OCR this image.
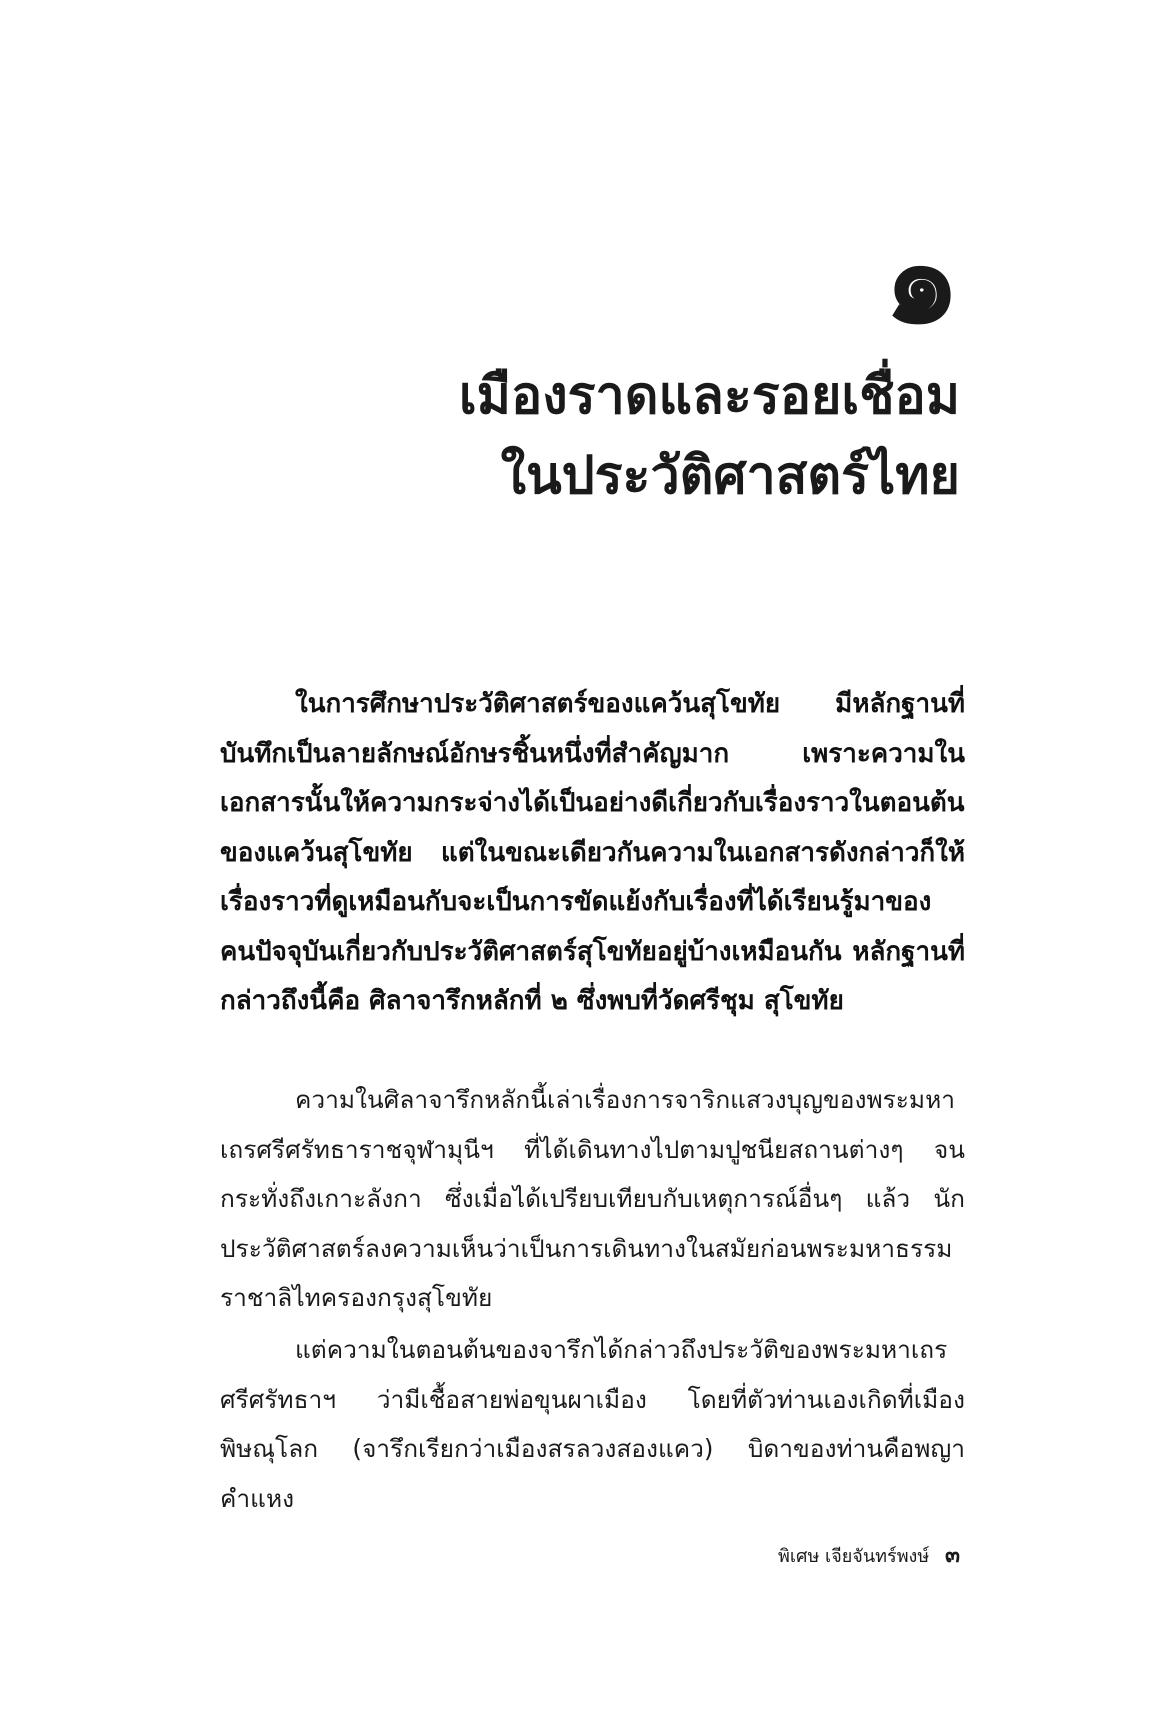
๑
เมืองราดและรอยเชื่อม
ในประวัติศาสตร์ไทย

ในการศึกษาประวัติศาสตร์ของแคว้นสุโขทัย มีหลักฐานที่บันทึกเป็นลายลักษณ์อักษรชิ้นหนึ่งที่สำคัญมาก เพราะความในเอกสารนั้นให้ความกระจ่างได้เป็นอย่างดีเกี่ยวกับเรื่องราวในตอนต้นของแคว้นสุโขทัย แต่ในขณะเดียวกันความในเอกสารดังกล่าวก็ให้เรื่องราวที่ดูเหมือนกับจะเป็นการขัดแย้งกับเรื่องที่ได้เรียนรู้มาของคนปัจจุบันเกี่ยวกับประวัติศาสตร์สุโขทัยอยู่บ้างเหมือนกัน หลักฐานที่กล่าวถึงนี้คือ ศิลาจารึกหลักที่ ๒ ซึ่งพบที่วัดศรีชุม สุโขทัย

ความในศิลาจารึกหลักนี้เล่าเรื่องการจาริกแสวงบุญของพระมหาเถรศรีศรัทธาราชจุฬามุนีฯ ที่ได้เดินทางไปตามปูชนียสถานต่างๆ จนกระทั่งถึงเกาะลังกา ซึ่งเมื่อได้เปรียบเทียบกับเหตุการณ์อื่นๆ แล้ว นักประวัติศาสตร์ลงความเห็นว่าเป็นการเดินทางในสมัยก่อนพระมหาธรรมราชาลิไทครองกรุงสุโขทัย

แต่ความในตอนต้นของจารึกได้กล่าวถึงประวัติของพระมหาเถรศรีศรัทธาฯ ว่ามีเชื้อสายพ่อขุนผาเมือง โดยที่ตัวท่านเองเกิดที่เมืองพิษณุโลก (จารึกเรียกว่าเมืองสรลวงสองแคว) บิดาของท่านคือพญาคำแหง

พิเศษ เจียจันทร์พงษ์ ๓
